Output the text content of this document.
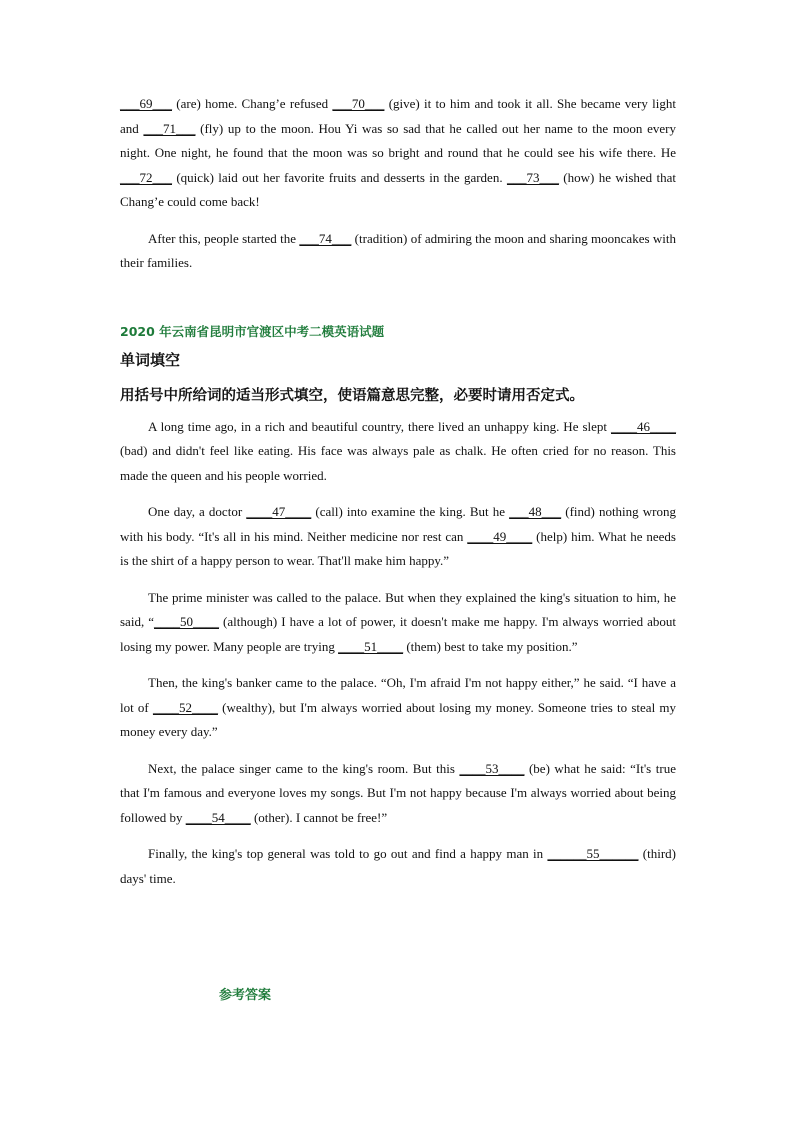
___69___ (are) home. Chang’e refused ___70___ (give) it to him and took it all. She became very light and ___71___ (fly) up to the moon. Hou Yi was so sad that he called out her name to the moon every night. One night, he found that the moon was so bright and round that he could see his wife there. He ___72___ (quick) laid out her favorite fruits and desserts in the garden. ___73___ (how) he wished that Chang’e could come back!

After this, people started the ___74___ (tradition) of admiring the moon and sharing mooncakes with their families.

2020 年云南省昆明市官渡区中考二模英语试题
单词填空
用括号中所给词的适当形式填空，使语篇意思完整，必要时请用否定式。

A long time ago, in a rich and beautiful country, there lived an unhappy king. He slept ____46____ (bad) and didn't feel like eating. His face was always pale as chalk. He often cried for no reason. This made the queen and his people worried.

One day, a doctor ____47____ (call) into examine the king. But he ___48___ (find) nothing wrong with his body. “It's all in his mind. Neither medicine nor rest can ____49____ (help) him. What he needs is the shirt of a happy person to wear. That'll make him happy.”

The prime minister was called to the palace. But when they explained the king's situation to him, he said, “____50____ (although) I have a lot of power, it doesn't make me happy. I'm always worried about losing my power. Many people are trying ____51____ (them) best to take my position.”

Then, the king's banker came to the palace. “Oh, I'm afraid I'm not happy either,” he said. “I have a lot of ____52____ (wealthy), but I'm always worried about losing my money. Someone tries to steal my money every day.”

Next, the palace singer came to the king's room. But this ____53____ (be) what he said: “It's true that I'm famous and everyone loves my songs. But I'm not happy because I'm always worried about being followed by ____54____ (other). I cannot be free!”

Finally, the king's top general was told to go out and find a happy man in ______55______ (third) days' time.

参考答案
